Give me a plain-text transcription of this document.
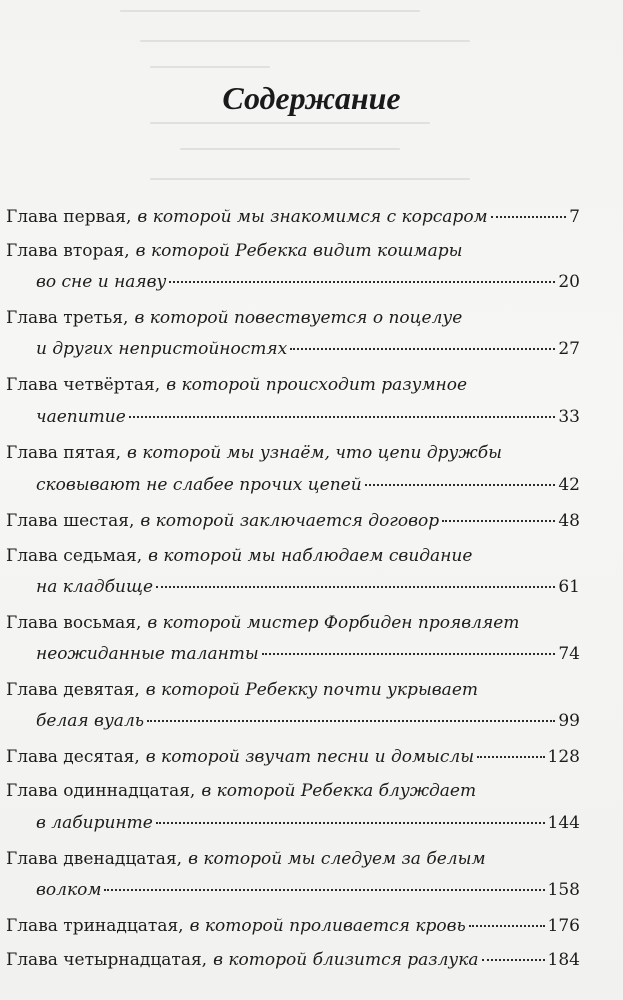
Содержание
Глава первая, в которой мы знакомимся с корсаром	7
Глава вторая, в которой Ребекка видит кошмары
во сне и наяву	20
Глава третья, в которой повествуется о поцелуе
и других непристойностях	27
Глава четвёртая, в которой происходит разумное
чаепитие	33
Глава пятая, в которой мы узнаём, что цепи дружбы
сковывают не слабее прочих цепей	42
Глава шестая, в которой заключается договор	48
Глава седьмая, в которой мы наблюдаем свидание
на кладбище	61
Глава восьмая, в которой мистер Форбиден проявляет
неожиданные таланты	74
Глава девятая, в которой Ребекку почти укрывает
белая вуаль	99
Глава десятая, в которой звучат песни и домыслы	128
Глава одиннадцатая, в которой Ребекка блуждает
в лабиринте	144
Глава двенадцатая, в которой мы следуем за белым
волком	158
Глава тринадцатая, в которой проливается кровь	176
Глава четырнадцатая, в которой близится разлука	184
